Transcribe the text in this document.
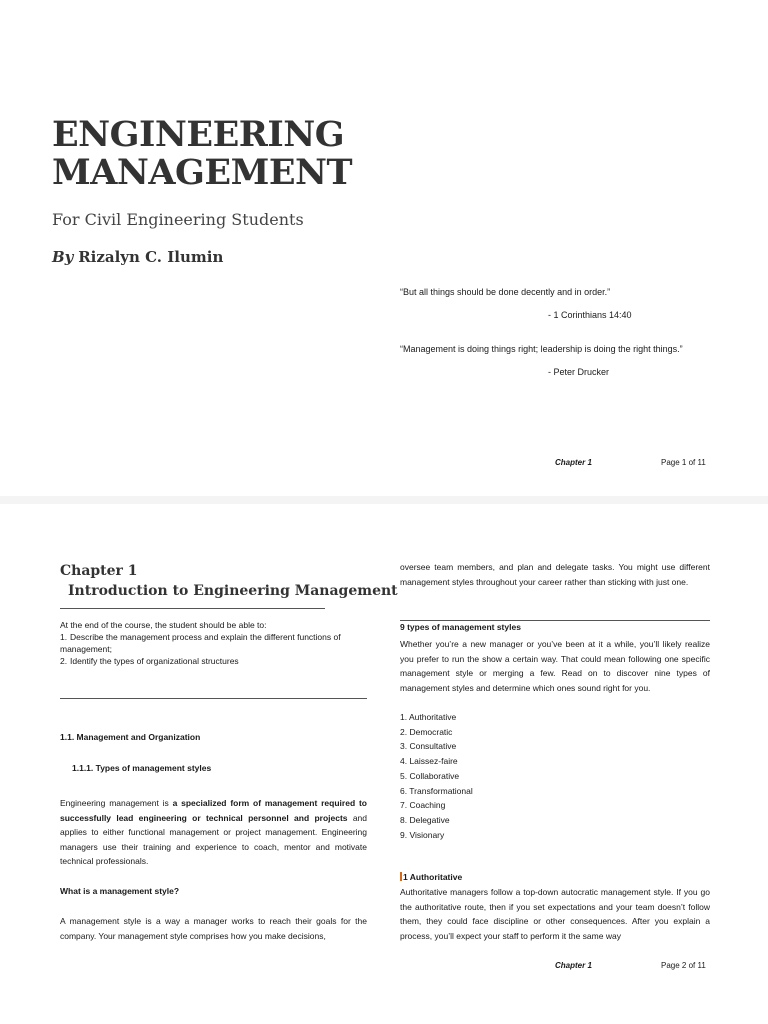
ENGINEERING
MANAGEMENT

For Civil Engineering Students

By Rizalyn C. Ilumin

“But all things should be done decently and in order.”

- 1 Corinthians 14:40

“Management is doing things right; leadership is doing the right things.”

- Peter Drucker

Chapter 1	Page 1 of 11
Chapter 1
Introduction to Engineering Management

At the end of the course, the student should be able to:

1. Describe the management process and explain the different functions of management;
2. Identify the types of organizational structures

1.1. Management and Organization

1.1.1. Types of management styles

Engineering management is a specialized form of management required to successfully lead engineering or technical personnel and projects and applies to either functional management or project management. Engineering managers use their training and experience to coach, mentor and motivate technical professionals.

What is a management style?

A management style is a way a manager works to reach their goals for the company. Your management style comprises how you make decisions,

oversee team members, and plan and delegate tasks. You might use different management styles throughout your career rather than sticking with just one.

9 types of management styles

Whether you’re a new manager or you’ve been at it a while, you’ll likely realize you prefer to run the show a certain way. That could mean following one specific management style or merging a few. Read on to discover nine types of management styles and determine which ones sound right for you.

1. Authoritative
2. Democratic
3. Consultative
4. Laissez-faire
5. Collaborative
6. Transformational
7. Coaching
8. Delegative
9. Visionary

1 Authoritative

Authoritative managers follow a top-down autocratic management style. If you go the authoritative route, then if you set expectations and your team doesn’t follow them, they could face discipline or other consequences. After you explain a process, you’ll expect your staff to perform it the same way

Chapter 1	Page 2 of 11
